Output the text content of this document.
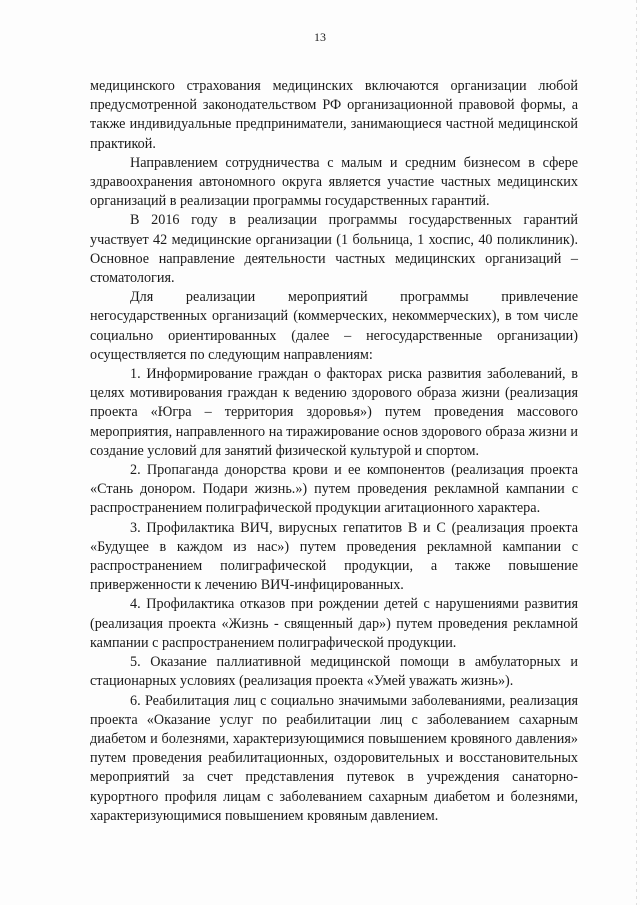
13

медицинского страхования медицинских включаются организации любой предусмотренной законодательством РФ организационной правовой формы, а также индивидуальные предприниматели, занимающиеся частной медицинской практикой.

Направлением сотрудничества с малым и средним бизнесом в сфере здравоохранения автономного округа является участие частных медицинских организаций в реализации программы государственных гарантий.

В 2016 году в реализации программы государственных гарантий участвует 42 медицинские организации (1 больница, 1 хоспис, 40 поликлиник). Основное направление деятельности частных медицинских организаций – стоматология.

Для реализации мероприятий программы привлечение негосударственных организаций (коммерческих, некоммерческих), в том числе социально ориентированных (далее – негосударственные организации) осуществляется по следующим направлениям:

1. Информирование граждан о факторах риска развития заболеваний, в целях мотивирования граждан к ведению здорового образа жизни (реализация проекта «Югра – территория здоровья») путем проведения массового мероприятия, направленного на тиражирование основ здорового образа жизни и создание условий для занятий физической культурой и спортом.

2. Пропаганда донорства крови и ее компонентов (реализация проекта «Стань донором. Подари жизнь.») путем проведения рекламной кампании с распространением полиграфической продукции агитационного характера.

3. Профилактика ВИЧ, вирусных гепатитов В и С (реализация проекта «Будущее в каждом из нас») путем проведения рекламной кампании с распространением полиграфической продукции, а также повышение приверженности к лечению ВИЧ-инфицированных.

4. Профилактика отказов при рождении детей с нарушениями развития (реализация проекта «Жизнь - священный дар») путем проведения рекламной кампании с распространением полиграфической продукции.

5. Оказание паллиативной медицинской помощи в амбулаторных и стационарных условиях (реализация проекта «Умей уважать жизнь»).

6. Реабилитация лиц с социально значимыми заболеваниями, реализация проекта «Оказание услуг по реабилитации лиц с заболеванием сахарным диабетом и болезнями, характеризующимися повышением кровяного давления» путем проведения реабилитационных, оздоровительных и восстановительных мероприятий за счет представления путевок в учреждения санаторно-курортного профиля лицам с заболеванием сахарным диабетом и болезнями, характеризующимися повышением кровяным давлением.
